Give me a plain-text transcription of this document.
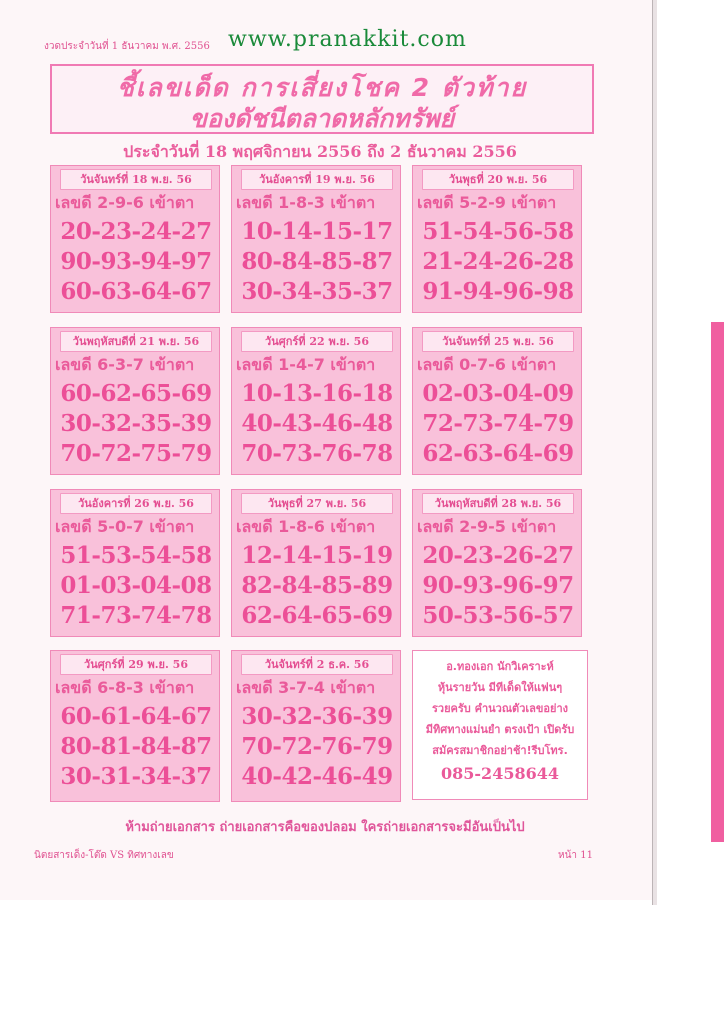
งวดประจำวันที่ 1 ธันวาคม พ.ศ. 2556 www.pranakkit.com
ชี้เลขเด็ด การเสี่ยงโชค 2 ตัวท้าย
ของดัชนีตลาดหลักทรัพย์
ประจำวันที่ 18 พฤศจิกายน 2556 ถึง 2 ธันวาคม 2556
วันจันทร์ที่ 18 พ.ย. 56
เลขดี 2-9-6 เข้าตา
20-23-24-27
90-93-94-97
60-63-64-67
วันอังคารที่ 19 พ.ย. 56
เลขดี 1-8-3 เข้าตา
10-14-15-17
80-84-85-87
30-34-35-37
วันพุธที่ 20 พ.ย. 56
เลขดี 5-2-9 เข้าตา
51-54-56-58
21-24-26-28
91-94-96-98
วันพฤหัสบดีที่ 21 พ.ย. 56
เลขดี 6-3-7 เข้าตา
60-62-65-69
30-32-35-39
70-72-75-79
วันศุกร์ที่ 22 พ.ย. 56
เลขดี 1-4-7 เข้าตา
10-13-16-18
40-43-46-48
70-73-76-78
วันจันทร์ที่ 25 พ.ย. 56
เลขดี 0-7-6 เข้าตา
02-03-04-09
72-73-74-79
62-63-64-69
วันอังคารที่ 26 พ.ย. 56
เลขดี 5-0-7 เข้าตา
51-53-54-58
01-03-04-08
71-73-74-78
วันพุธที่ 27 พ.ย. 56
เลขดี 1-8-6 เข้าตา
12-14-15-19
82-84-85-89
62-64-65-69
วันพฤหัสบดีที่ 28 พ.ย. 56
เลขดี 2-9-5 เข้าตา
20-23-26-27
90-93-96-97
50-53-56-57
วันศุกร์ที่ 29 พ.ย. 56
เลขดี 6-8-3 เข้าตา
60-61-64-67
80-81-84-87
30-31-34-37
วันจันทร์ที่ 2 ธ.ค. 56
เลขดี 3-7-4 เข้าตา
30-32-36-39
70-72-76-79
40-42-46-49
อ.ทองเอก นักวิเคราะห์
หุ้นรายวัน มีทีเด็ดให้แฟนๆ
รวยครับ คำนวณตัวเลขอย่าง
มีทิศทางแม่นยำ ตรงเป้า เปิดรับ
สมัครสมาชิกอย่าช้า!รีบโทร.
085-2458644
ห้ามถ่ายเอกสาร ถ่ายเอกสารคือของปลอม ใครถ่ายเอกสารจะมีอันเป็นไป
นิตยสารเด็ง-โต๊ด VS ทิศทางเลข	หน้า 11
